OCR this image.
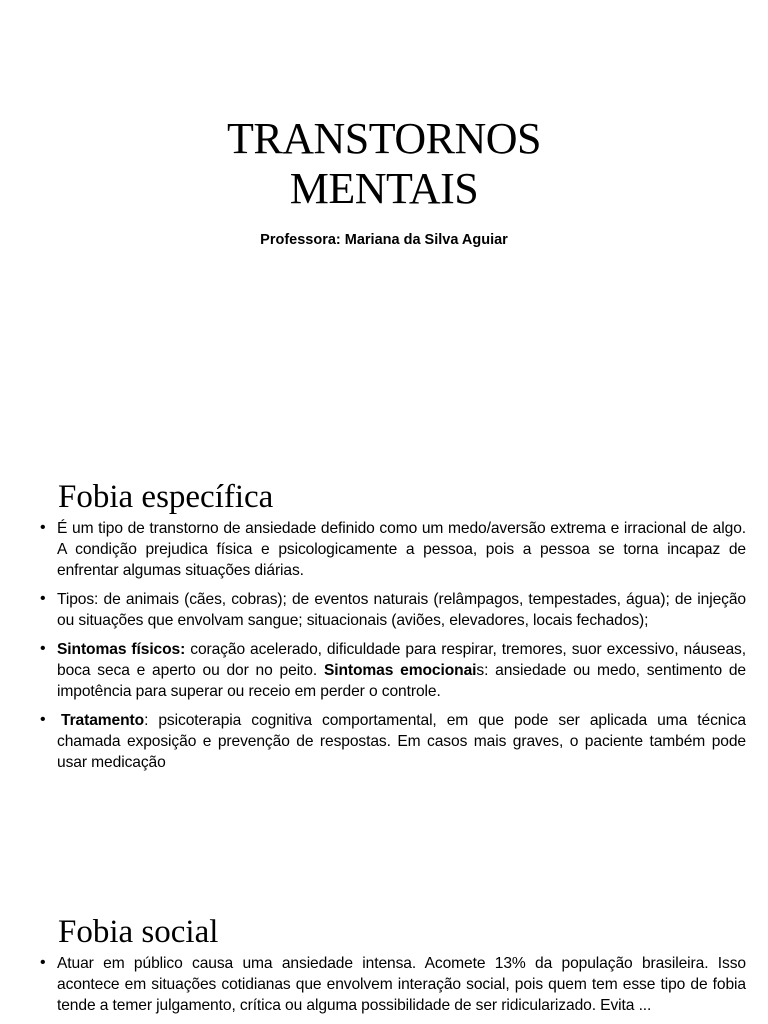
TRANSTORNOS
MENTAIS

Professora: Mariana da Silva Aguiar

Fobia específica
• É um tipo de transtorno de ansiedade definido como um medo/aversão extrema e irracional de algo. A condição prejudica física e psicologicamente a pessoa, pois a pessoa se torna incapaz de enfrentar algumas situações diárias.
• Tipos: de animais (cães, cobras); de eventos naturais (relâmpagos, tempestades, água); de injeção ou situações que envolvam sangue; situacionais (aviões, elevadores, locais fechados);
• Sintomas físicos: coração acelerado, dificuldade para respirar, tremores, suor excessivo, náuseas, boca seca e aperto ou dor no peito. Sintomas emocionais: ansiedade ou medo, sentimento de impotência para superar ou receio em perder o controle.
• Tratamento: psicoterapia cognitiva comportamental, em que pode ser aplicada uma técnica chamada exposição e prevenção de respostas. Em casos mais graves, o paciente também pode usar medicação
Fobia social
• Atuar em público causa uma ansiedade intensa. Acomete 13% da população brasileira. Isso acontece em situações cotidianas que envolvem interação social, pois quem tem esse tipo de fobia tende a temer julgamento, crítica ou alguma possibilidade de ser ridicularizado. Evita ...
